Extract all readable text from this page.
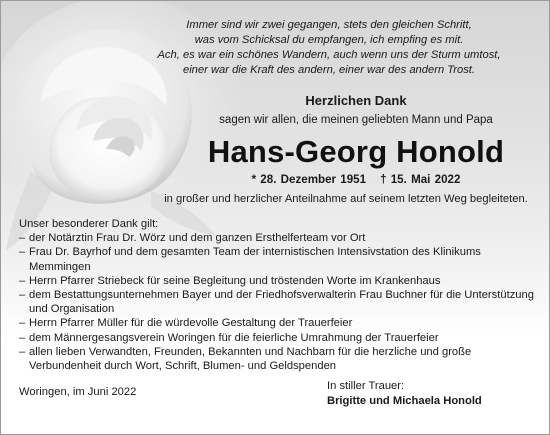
Immer sind wir zwei gegangen, stets den gleichen Schritt,
was vom Schicksal du empfangen, ich empfing es mit.
Ach, es war ein schönes Wandern, auch wenn uns der Sturm umtost,
einer war die Kraft des andern, einer war des andern Trost.
Herzlichen Dank
sagen wir allen, die meinen geliebten Mann und Papa
Hans-Georg Honold
* 28. Dezember 1951 † 15. Mai 2022
in großer und herzlicher Anteilnahme auf seinem letzten Weg begleiteten.
Unser besonderer Dank gilt:
– der Notärztin Frau Dr. Wörz und dem ganzen Ersthelferteam vor Ort
– Frau Dr. Bayrhof und dem gesamten Team der internistischen Intensivstation des Klinikums Memmingen
– Herrn Pfarrer Striebeck für seine Begleitung und tröstenden Worte im Krankenhaus
– dem Bestattungsunternehmen Bayer und der Friedhofsverwalterin Frau Buchner für die Unterstützung und Organisation
– Herrn Pfarrer Müller für die würdevolle Gestaltung der Trauerfeier
– dem Männergesangsverein Woringen für die feierliche Umrahmung der Trauerfeier
– allen lieben Verwandten, Freunden, Bekannten und Nachbarn für die herzliche und große Verbundenheit durch Wort, Schrift, Blumen- und Geldspenden
Woringen, im Juni 2022	In stiller Trauer:
Brigitte und Michaela Honold
